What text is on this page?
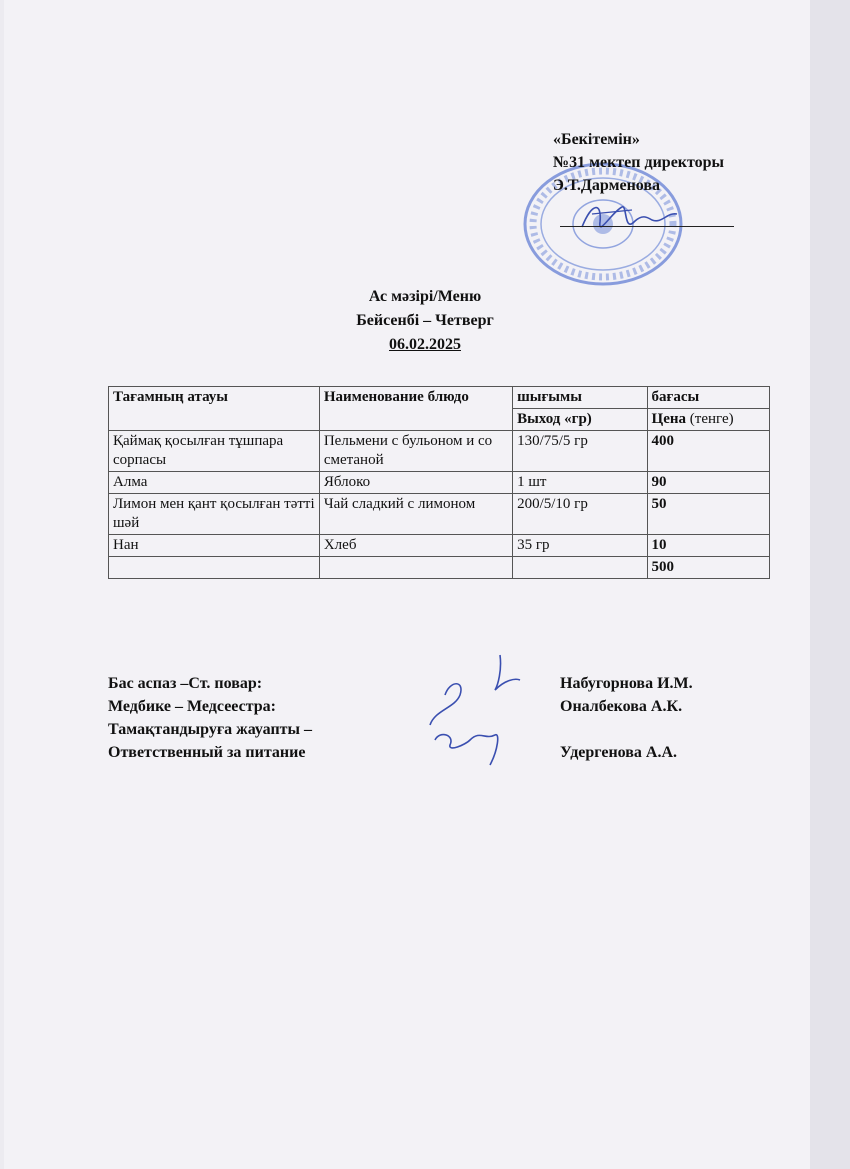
«Бекітемін»
№31 мектеп директоры
Э.Т.Дарменова
Ас мәзірі/Меню
Бейсенбі – Четверг
06.02.2025
Тағамның атауы	Наименование блюдо	шығымы	бағасы
		Выход «гр)	Цена (тенге)
Қаймақ қосылған тұшпара сорпасы	Пельмени с бульоном и со сметаной	130/75/5 гр	400
Алма	Яблоко	1 шт	90
Лимон мен қант қосылған тәтті шәй	Чай сладкий с лимоном	200/5/10 гр	50
Нан	Хлеб	35 гр	10
			500
Бас аспаз –Ст. повар:
Медбике – Медсеестра:
Тамақтандыруға жауапты –
Ответственный за питание
Набугорнова И.М.
Оналбекова А.К.
Удергенова А.А.
